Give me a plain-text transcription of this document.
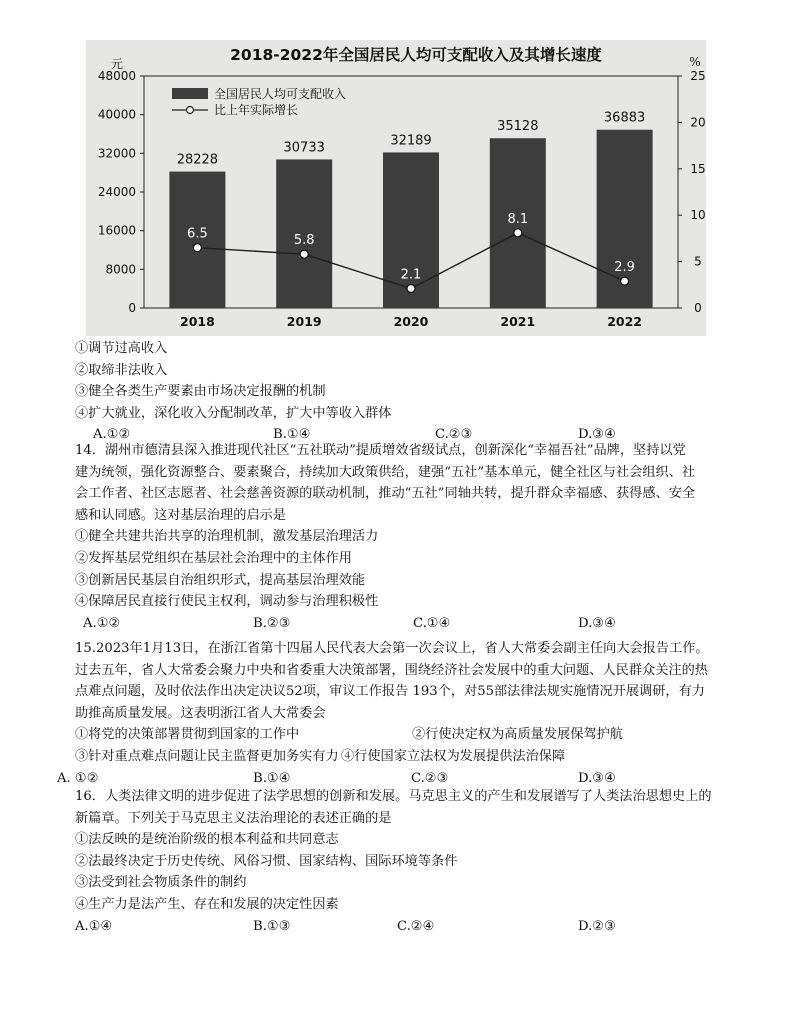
2018-2022年全国居民人均可支配收入及其增长速度
元	%
0
8000
16000
24000
32000
40000
48000
0
5
10
15
20
25
28228
2018
30733
2019
32189
2020
35128
2021
36883
2022
6.5	5.8
2.1
8.1
2.9
全国居民人均可支配收入
比上年实际增长
①调节过高收入
②取缔非法收入
③健全各类生产要素由市场决定报酬的机制
④扩大就业，深化收入分配制改革，扩大中等收入群体
A.①②	B.①④	C.②③	D.③④
14．湖州市德清县深入推进现代社区“五社联动”提质增效省级试点，创新深化“幸福吾社”品牌，坚持以党
建为统领，强化资源整合、要素聚合，持续加大政策供给，建强“五社”基本单元，健全社区与社会组织、社
会工作者、社区志愿者、社会慈善资源的联动机制，推动“五社”同轴共转，提升群众幸福感、获得感、安全
感和认同感。这对基层治理的启示是
①健全共建共治共享的治理机制，激发基层治理活力
②发挥基层党组织在基层社会治理中的主体作用
③创新居民基层自治组织形式，提高基层治理效能
④保障居民直接行使民主权利，调动参与治理积极性
A.①②	B.②③	C.①④	D.③④
15.2023年1月13日，在浙江省第十四届人民代表大会第一次会议上，省人大常委会副主任向大会报告工作。
过去五年，省人大常委会聚力中央和省委重大决策部署，围绕经济社会发展中的重大问题、人民群众关注的热
点难点问题，及时依法作出决定决议52项，审议工作报告 193个，对55部法律法规实施情况开展调研，有力
助推高质量发展。这表明浙江省人大常委会
①将党的决策部署贯彻到国家的工作中	②行使决定权为高质量发展保驾护航
③针对重点难点问题让民主监督更加务实有力 ④行使国家立法权为发展提供法治保障
A. ①②	B.①④	C.②③	D.③④
16．人类法律文明的进步促进了法学思想的创新和发展。马克思主义的产生和发展谱写了人类法治思想史上的
新篇章。下列关于马克思主义法治理论的表述正确的是
①法反映的是统治阶级的根本利益和共同意志
②法最终决定于历史传统、风俗习惯、国家结构、国际环境等条件
③法受到社会物质条件的制约
④生产力是法产生、存在和发展的决定性因素
A.①④	B.①③	C.②④	D.②③
